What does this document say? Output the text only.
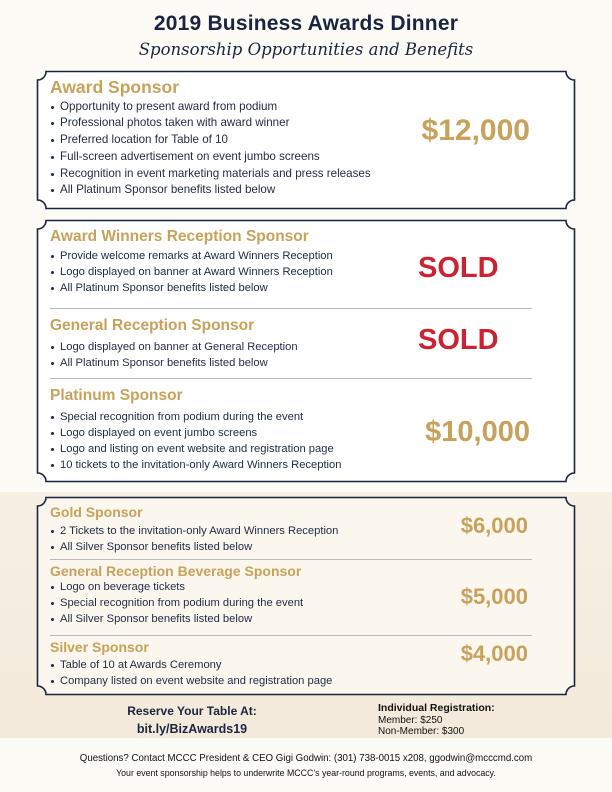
2019 Business Awards Dinner
Sponsorship Opportunities and Benefits
Award Sponsor
Opportunity to present award from podium
Professional photos taken with award winner
Preferred location for Table of 10
Full-screen advertisement on event jumbo screens
Recognition in event marketing materials and press releases
All Platinum Sponsor benefits listed below
$12,000
Award Winners Reception Sponsor
Provide welcome remarks at Award Winners Reception
Logo displayed on banner at Award Winners Reception
All Platinum Sponsor benefits listed below
SOLD
General Reception Sponsor
Logo displayed on banner at General Reception
All Platinum Sponsor benefits listed below
SOLD
Platinum Sponsor
Special recognition from podium during the event
Logo displayed on event jumbo screens
Logo and listing on event website and registration page
10 tickets to the invitation-only Award Winners Reception
$10,000
Gold Sponsor
2 Tickets to the invitation-only Award Winners Reception
All Silver Sponsor benefits listed below
$6,000
General Reception Beverage Sponsor
Logo on beverage tickets
Special recognition from podium during the event
All Silver Sponsor benefits listed below
$5,000
Silver Sponsor
Table of 10 at Awards Ceremony
Company listed on event website and registration page
$4,000
Reserve Your Table At:
bit.ly/BizAwards19
Individual Registration:
Member: $250
Non-Member: $300
Questions? Contact MCCC President & CEO Gigi Godwin: (301) 738-0015 x208, ggodwin@mcccmd.com
Your event sponsorship helps to underwrite MCCC’s year-round programs, events, and advocacy.
